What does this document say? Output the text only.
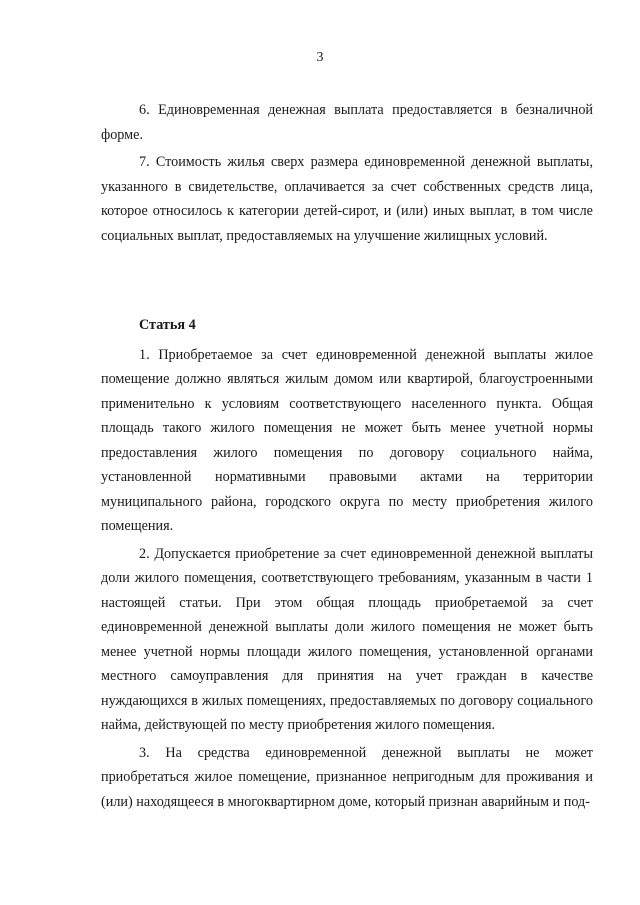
3

6. Единовременная денежная выплата предоставляется в безналичной форме.

7. Стоимость жилья сверх размера единовременной денежной выплаты, указанного в свидетельстве, оплачивается за счет собственных средств лица, которое относилось к категории детей-сирот, и (или) иных выплат, в том числе социальных выплат, предоставляемых на улучшение жилищных условий.

Статья 4

1. Приобретаемое за счет единовременной денежной выплаты жилое помещение должно являться жилым домом или квартирой, благоустроенными применительно к условиям соответствующего населенного пункта. Общая площадь такого жилого помещения не может быть менее учетной нормы предоставления жилого помещения по договору социального найма, установленной нормативными правовыми актами на территории муниципального района, городского округа по месту приобретения жилого помещения.

2. Допускается приобретение за счет единовременной денежной выплаты доли жилого помещения, соответствующего требованиям, указанным в части 1 настоящей статьи. При этом общая площадь приобретаемой за счет единовременной денежной выплаты доли жилого помещения не может быть менее учетной нормы площади жилого помещения, установленной органами местного самоуправления для принятия на учет граждан в качестве нуждающихся в жилых помещениях, предоставляемых по договору социального найма, действующей по месту приобретения жилого помещения.

3. На средства единовременной денежной выплаты не может приобретаться жилое помещение, признанное непригодным для проживания и (или) находящееся в многоквартирном доме, который признан аварийным и под-
